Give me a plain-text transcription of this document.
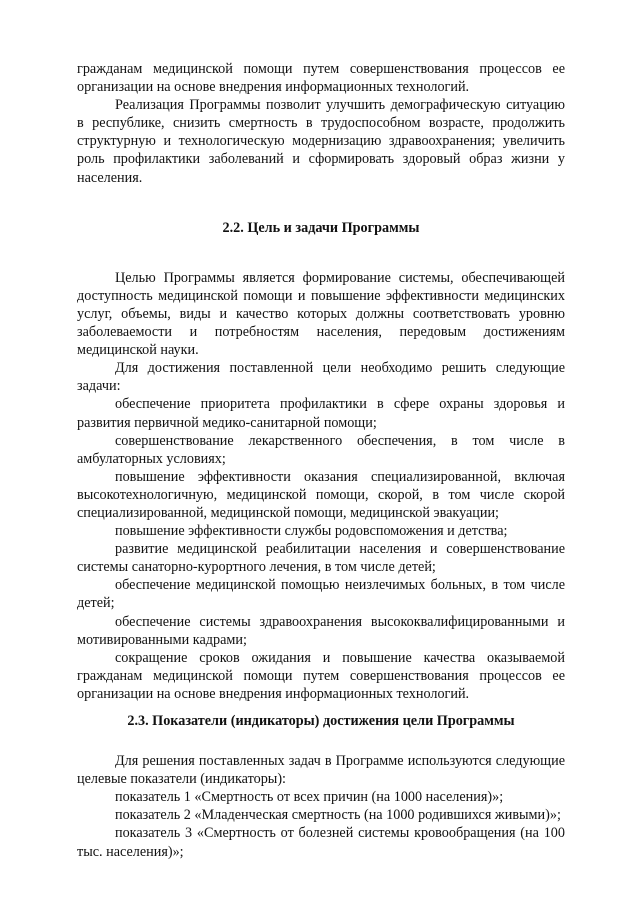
гражданам медицинской помощи путем совершенствования процессов ее организации на основе внедрения информационных технологий.

Реализация Программы позволит улучшить демографическую ситуацию в республике, снизить смертность в трудоспособном возрасте, продолжить структурную и технологическую модернизацию здравоохранения; увеличить роль профилактики заболеваний и сформировать здоровый образ жизни у населения.

2.2. Цель и задачи Программы

Целью Программы является формирование системы, обеспечивающей доступность медицинской помощи и повышение эффективности медицинских услуг, объемы, виды и качество которых должны соответствовать уровню заболеваемости и потребностям населения, передовым достижениям медицинской науки.

Для достижения поставленной цели необходимо решить следующие задачи:

обеспечение приоритета профилактики в сфере охраны здоровья и развития первичной медико-санитарной помощи;

совершенствование лекарственного обеспечения, в том числе в амбулаторных условиях;

повышение эффективности оказания специализированной, включая высокотехнологичную, медицинской помощи, скорой, в том числе скорой специализированной, медицинской помощи, медицинской эвакуации;

повышение эффективности службы родовспоможения и детства;

развитие медицинской реабилитации населения и совершенствование системы санаторно-курортного лечения, в том числе детей;

обеспечение медицинской помощью неизлечимых больных, в том числе детей;

обеспечение системы здравоохранения высококвалифицированными и мотивированными кадрами;

сокращение сроков ожидания и повышение качества оказываемой гражданам медицинской помощи путем совершенствования процессов ее организации на основе внедрения информационных технологий.

2.3. Показатели (индикаторы) достижения цели Программы

Для решения поставленных задач в Программе используются следующие целевые показатели (индикаторы):

показатель 1 «Смертность от всех причин (на 1000 населения)»;

показатель 2 «Младенческая смертность (на 1000 родившихся живыми)»;

показатель 3 «Смертность от болезней системы кровообращения (на 100 тыс. населения)»;
